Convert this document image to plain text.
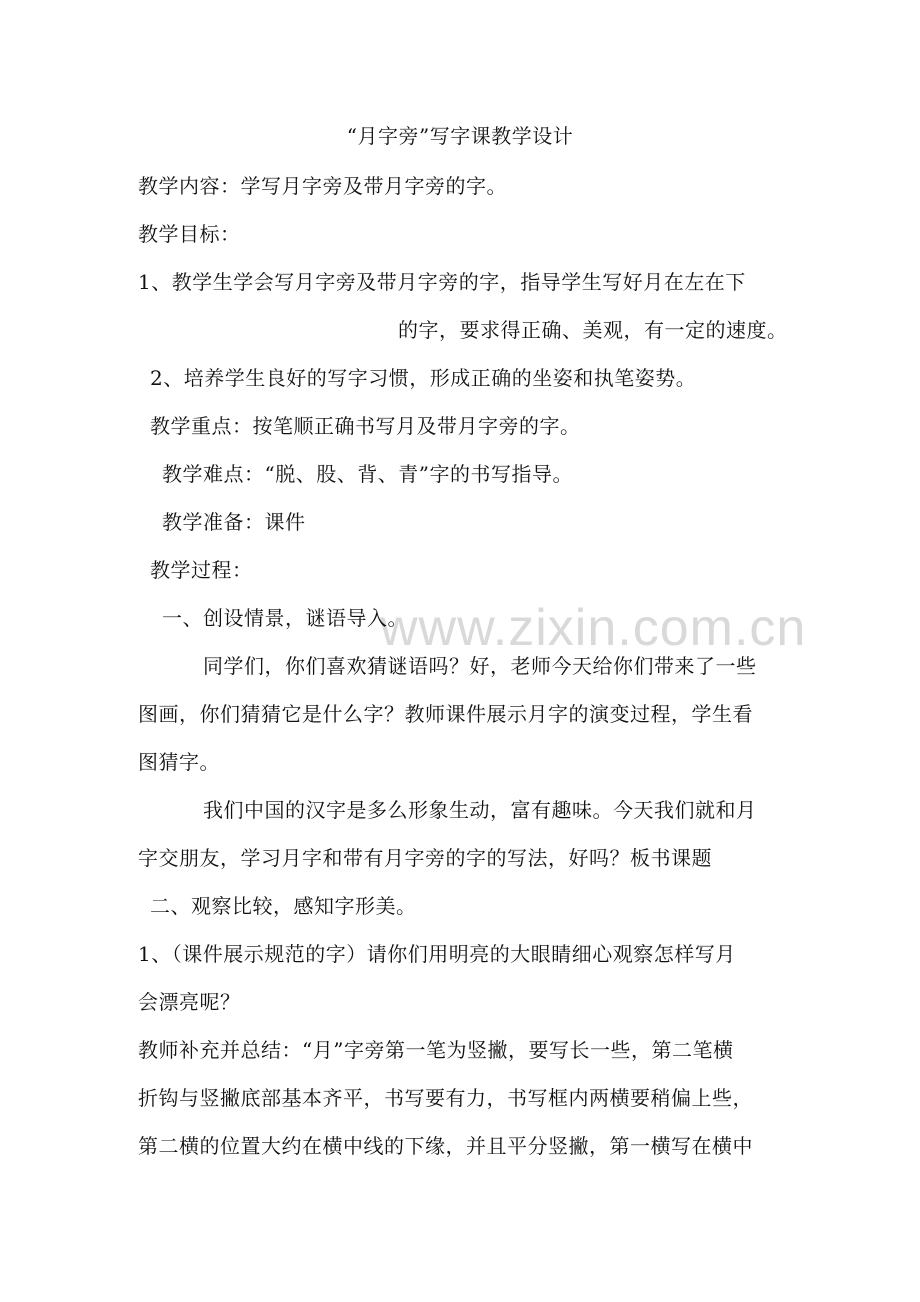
www.zixin.com.cn
“月字旁”写字课教学设计
教学内容：学写月字旁及带月字旁的字。
教学目标：
1、教学生学会写月字旁及带月字旁的字，指导学生写好月在左在下
的字，要求得正确、美观，有一定的速度。
2、培养学生良好的写字习惯，形成正确的坐姿和执笔姿势。
教学重点：按笔顺正确书写月及带月字旁的字。
教学难点：“脱、股、背、青”字的书写指导。
教学准备：课件
教学过程：
一、创设情景，谜语导入。
同学们，你们喜欢猜谜语吗？好，老师今天给你们带来了一些
图画，你们猜猜它是什么字？教师课件展示月字的演变过程，学生看
图猜字。
我们中国的汉字是多么形象生动，富有趣味。今天我们就和月
字交朋友，学习月字和带有月字旁的字的写法，好吗？板书课题
二、观察比较，感知字形美。
1、（课件展示规范的字）请你们用明亮的大眼睛细心观察怎样写月
会漂亮呢？
教师补充并总结：“月”字旁第一笔为竖撇，要写长一些，第二笔横
折钩与竖撇底部基本齐平，书写要有力，书写框内两横要稍偏上些，
第二横的位置大约在横中线的下缘，并且平分竖撇，第一横写在横中
